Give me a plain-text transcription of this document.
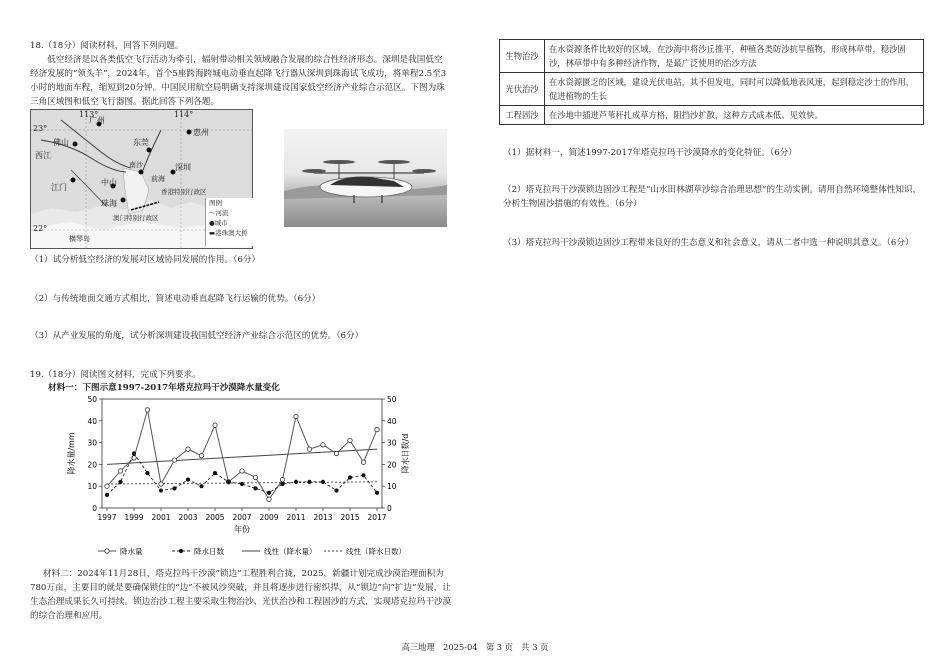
18.（18分）阅读材料，回答下列问题。
低空经济是以各类低空飞行活动为牵引，辐射带动相关领域融合发展的综合性经济形态。深圳是我国低空经济发展的“领头羊”，2024年，首个5座跨海跨城电动垂直起降飞行器从深圳到珠海试飞成功，将单程2.5至3小时的地面车程，缩短到20分钟。中国民用航空局明确支持深圳建设国家低空经济产业综合示范区。下图为珠三角区域图和低空飞行器图。据此回答下列各题。
113°	114°
23°
22°
广州
惠州
佛山	东莞
西江
深圳
江门
中山
珠海
澳门特别行政区
香港特别行政区
横琴岛
南沙
前海
图例
～河流
●城市
▬港珠澳大桥
（1）试分析低空经济的发展对区域协同发展的作用。（6分）
（2）与传统地面交通方式相比，简述电动垂直起降飞行运输的优势。（6分）
（3）从产业发展的角度，试分析深圳建设我国低空经济产业综合示范区的优势。（6分）
19.（18分）阅读图文材料，完成下列要求。
材料一：下图示意1997-2017年塔克拉玛干沙漠降水量变化
0	0
10	10
20	20
30	30
40	40
50	50
1997 1999 2001 2003 2005 2007 2009 2011 2013 2015 2017
年份
降水量/mm	降水日数/d
降水量	降水日数	线性（降水量）	线性（降水日数）
材料二：2024年11月28日，塔克拉玛干沙漠“锁边”工程胜利合拢，2025，新疆计划完成沙漠治理面积为780万亩，主要目的就是要确保锁住的“边”不被风沙突破，并且将逐步进行密织捍，从“锁边”向“扩边”发展，让生态治理成果长久可持续。锁边治沙工程主要采取生物治沙、光伏治沙和工程固沙的方式，实现塔克拉玛干沙漠的综合治理和应用。
生物治沙	在水资源条件比较好的区域，在沙海中将沙丘推平，种植各类防沙抗旱植物，形成林草带，稳沙固沙，林草带中有多种经济作物，是最广泛使用的治沙方法
光伏治沙	在水资源匮乏的区域，建设光伏电站，其不但发电，同时可以降低地表风速，起到稳定沙土的作用，促进植物的生长
工程固沙	在沙地中插进芦苇秆扎成草方格，阻挡沙扩散，这种方式成本低、见效快。
（1）据材料一，简述1997-2017年塔克拉玛干沙漠降水的变化特征。（6分）
（2）塔克拉玛干沙漠锁边固沙工程是“山水田林湖草沙综合治理思想”的生动实例。请用自然环境整体性知识，分析生物固沙措施的有效性。（6分）
（3）塔克拉玛干沙漠锁边固沙工程带来良好的生态意义和社会意义，请从二者中选一种说明其意义。（6分）
高三地理　2025-04　第 3 页　共 3 页
